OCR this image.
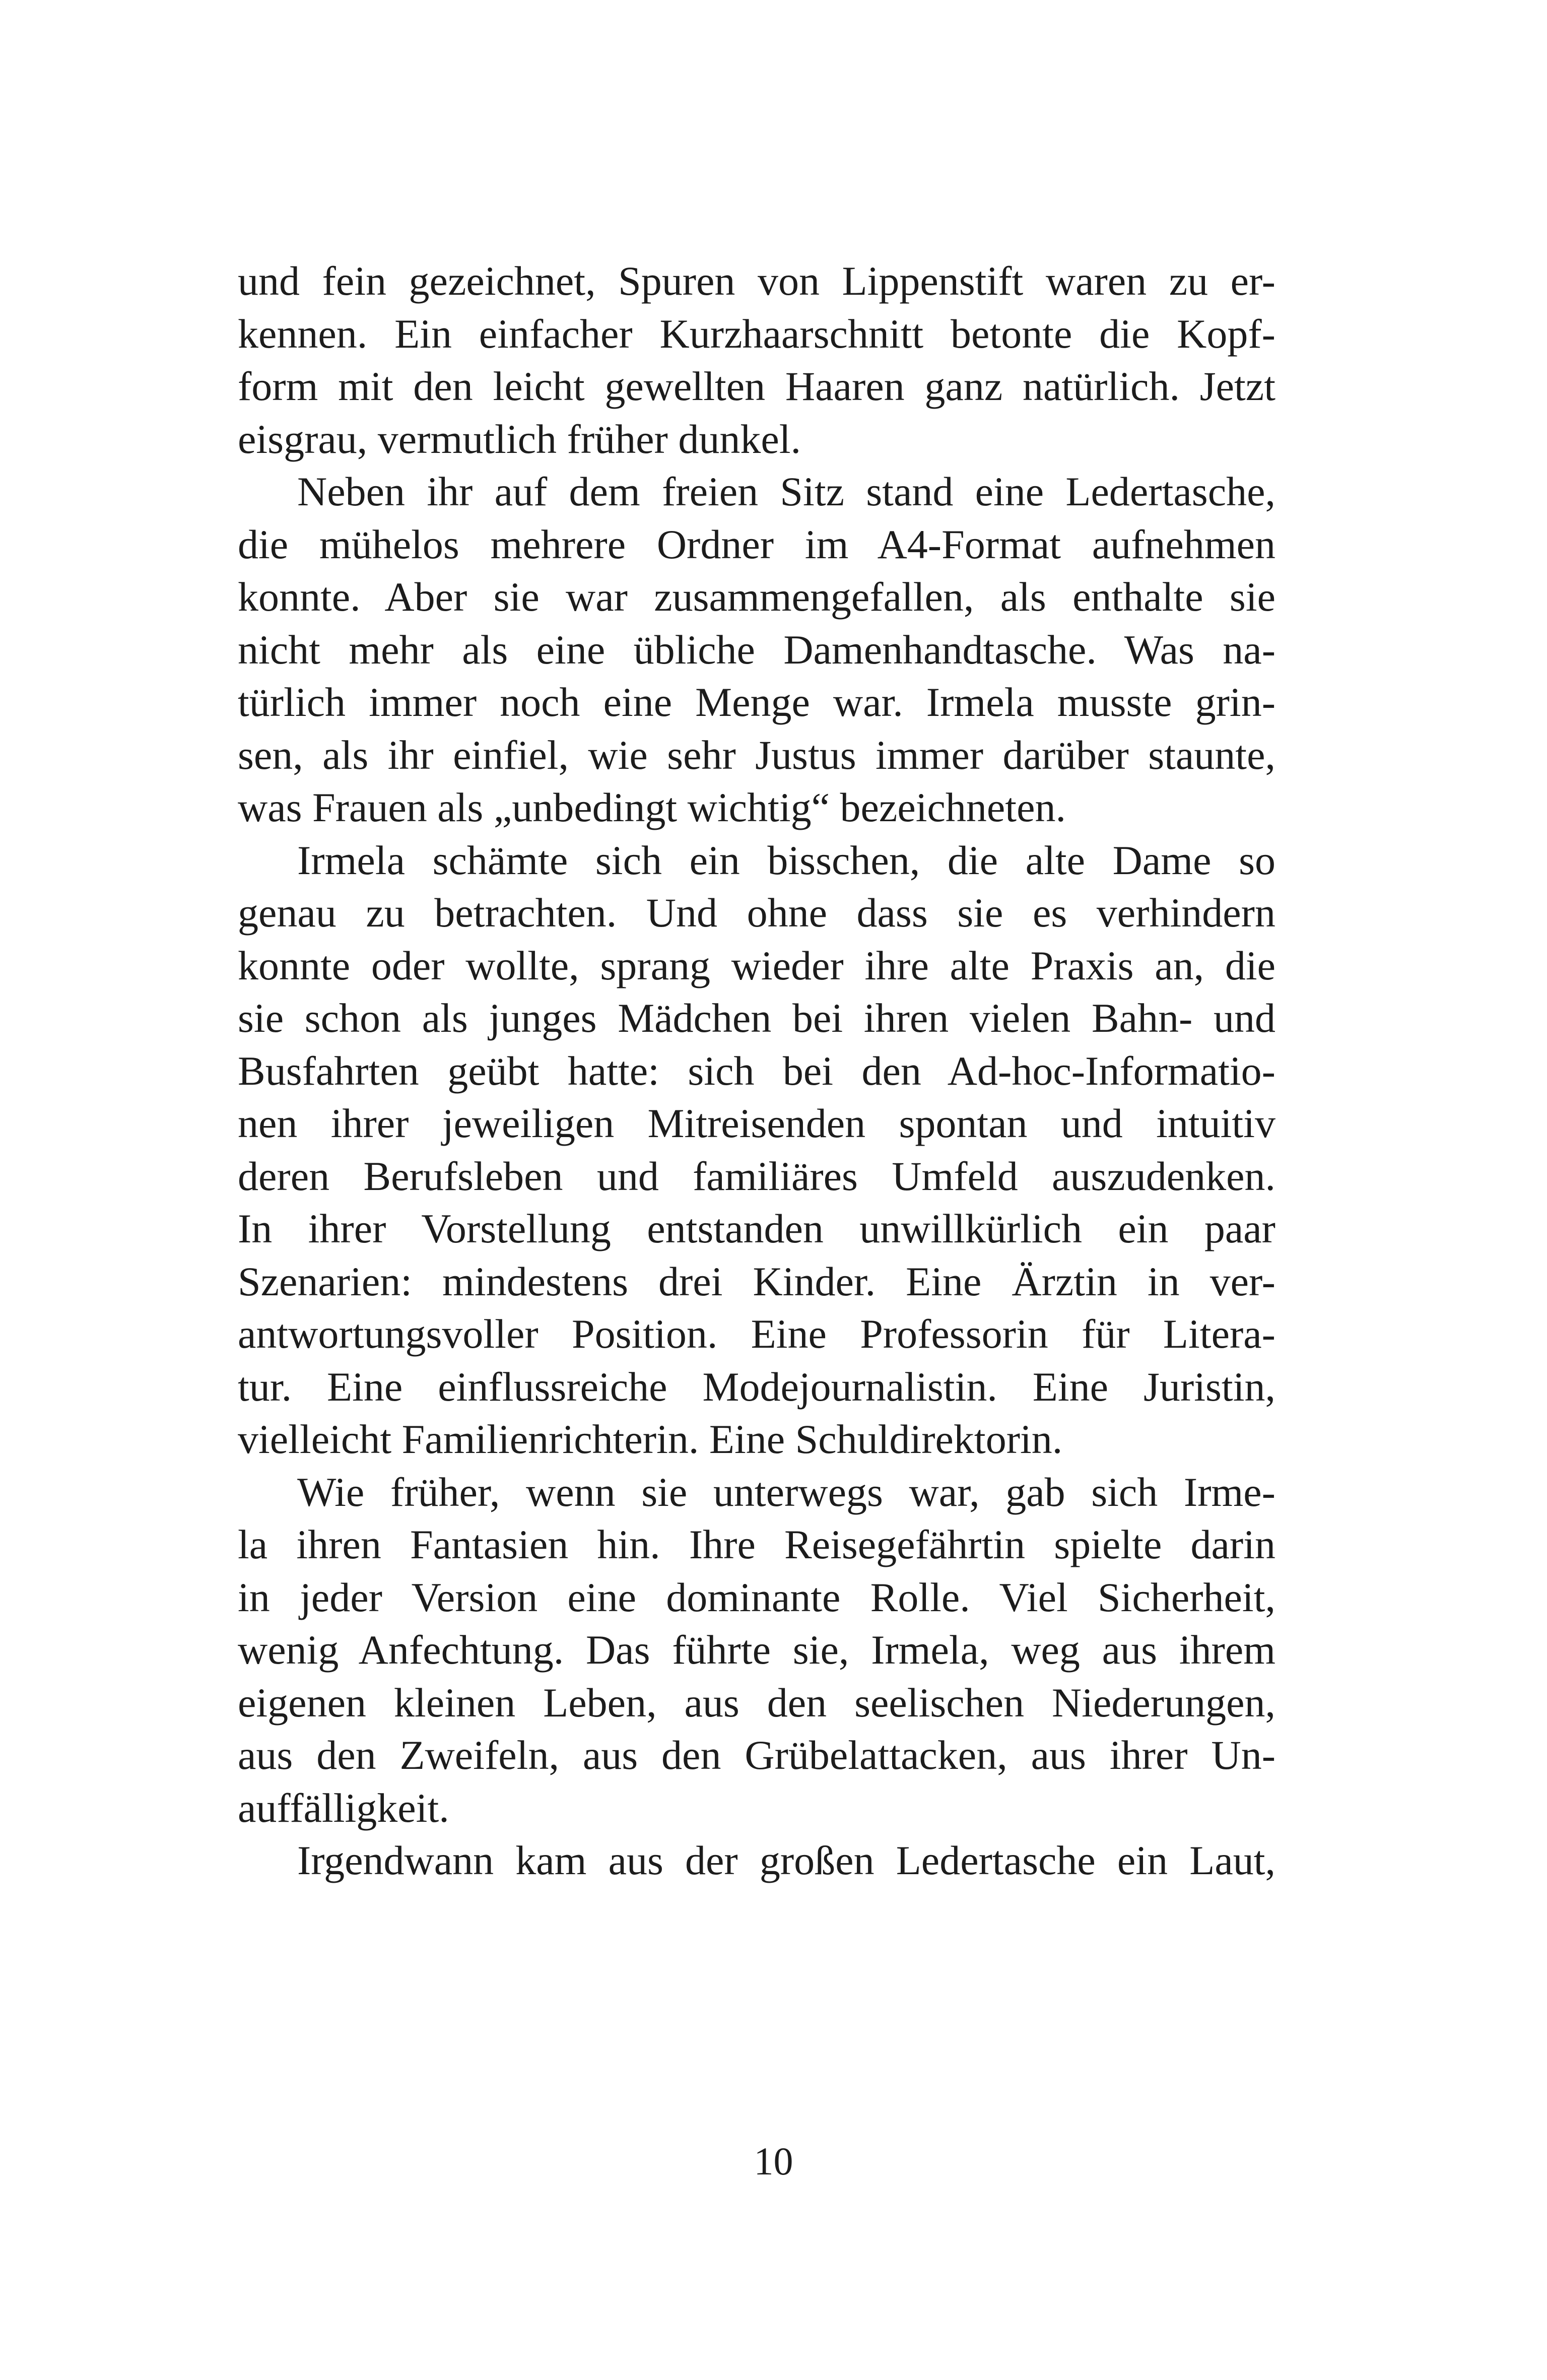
und fein gezeichnet, Spuren von Lippenstift waren zu er-
kennen. Ein einfacher Kurzhaarschnitt betonte die Kopf-
form mit den leicht gewellten Haaren ganz natürlich. Jetzt
eisgrau, vermutlich früher dunkel.
Neben ihr auf dem freien Sitz stand eine Ledertasche,
die mühelos mehrere Ordner im A4-Format aufnehmen
konnte. Aber sie war zusammengefallen, als enthalte sie
nicht mehr als eine übliche Damenhandtasche. Was na-
türlich immer noch eine Menge war. Irmela musste grin-
sen, als ihr einfiel, wie sehr Justus immer darüber staunte,
was Frauen als „unbedingt wichtig“ bezeichneten.
Irmela schämte sich ein bisschen, die alte Dame so
genau zu betrachten. Und ohne dass sie es verhindern
konnte oder wollte, sprang wieder ihre alte Praxis an, die
sie schon als junges Mädchen bei ihren vielen Bahn- und
Busfahrten geübt hatte: sich bei den Ad-hoc-Informatio-
nen ihrer jeweiligen Mitreisenden spontan und intuitiv
deren Berufsleben und familiäres Umfeld auszudenken.
In ihrer Vorstellung entstanden unwillkürlich ein paar
Szenarien: mindestens drei Kinder. Eine Ärztin in ver-
antwortungsvoller Position. Eine Professorin für Litera-
tur. Eine einflussreiche Modejournalistin. Eine Juristin,
vielleicht Familienrichterin. Eine Schuldirektorin.
Wie früher, wenn sie unterwegs war, gab sich Irme-
la ihren Fantasien hin. Ihre Reisegefährtin spielte darin
in jeder Version eine dominante Rolle. Viel Sicherheit,
wenig Anfechtung. Das führte sie, Irmela, weg aus ihrem
eigenen kleinen Leben, aus den seelischen Niederungen,
aus den Zweifeln, aus den Grübelattacken, aus ihrer Un-
auffälligkeit.
Irgendwann kam aus der großen Ledertasche ein Laut,
10
